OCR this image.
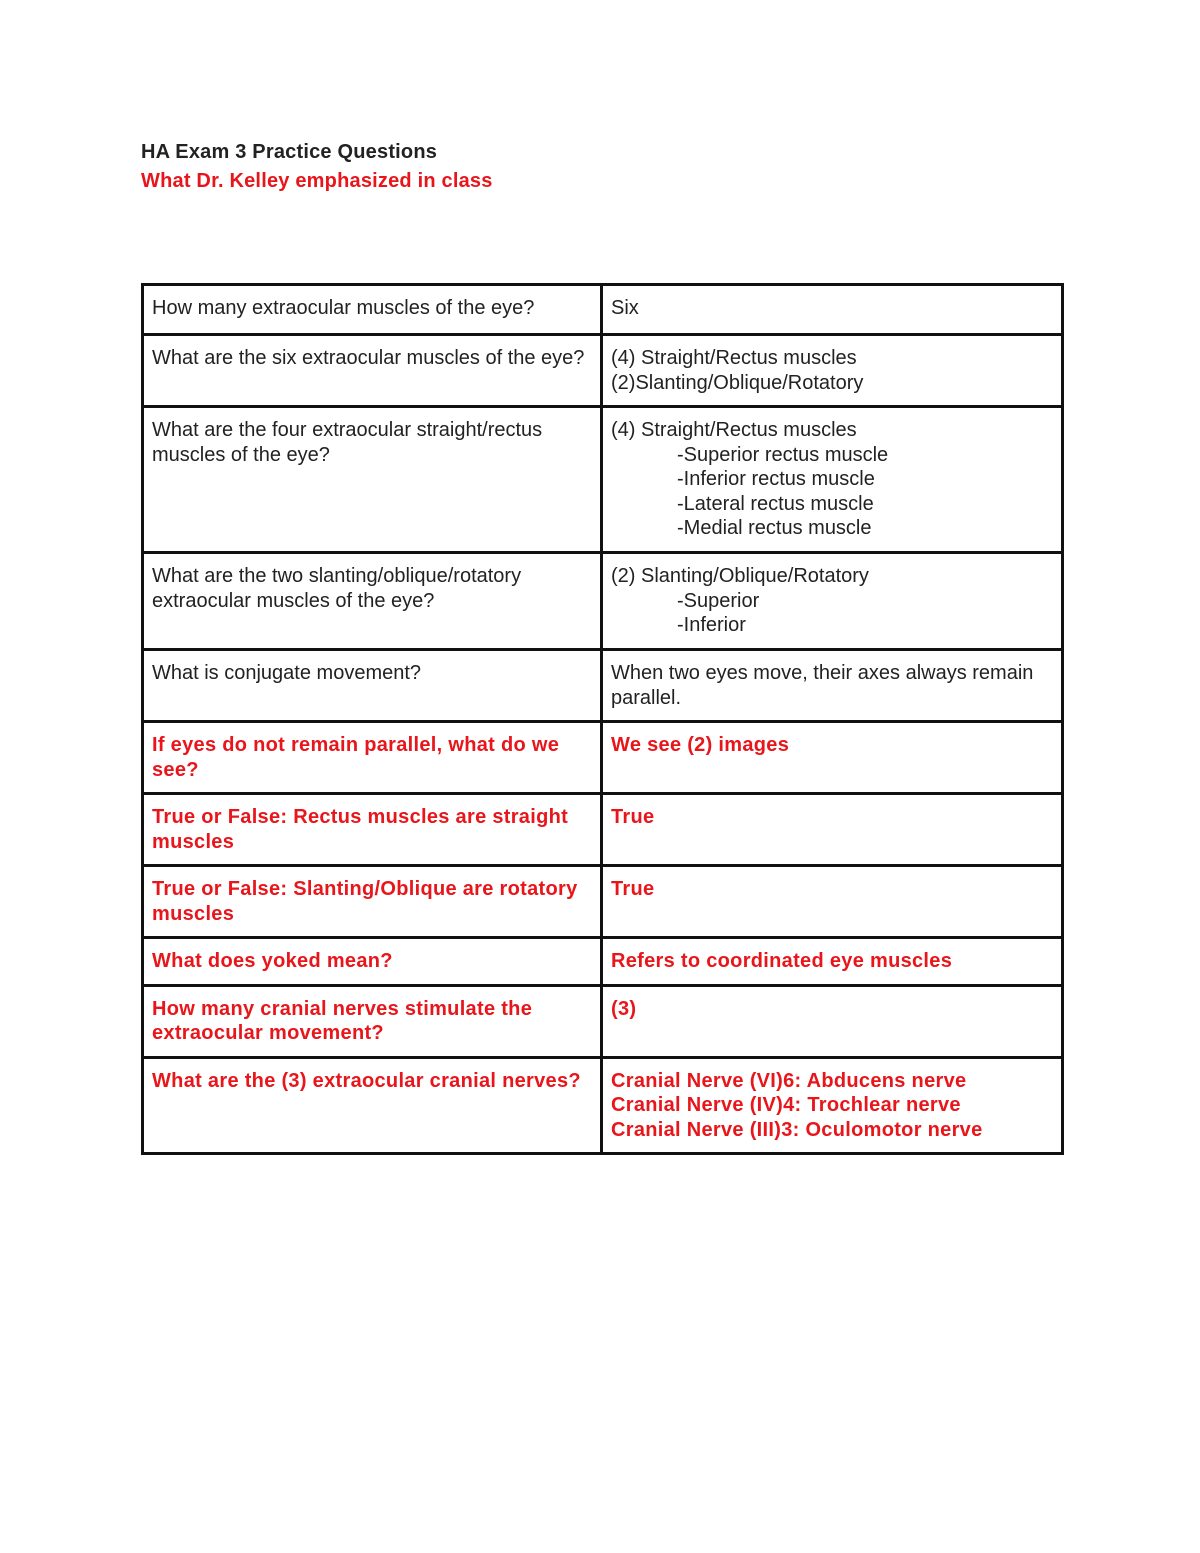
HA Exam 3 Practice Questions
What Dr. Kelley emphasized in class
How many extraocular muscles of the eye?	Six

What are the six extraocular muscles of the eye?	(4) Straight/Rectus muscles
(2)Slanting/Oblique/Rotatory

What are the four extraocular straight/rectus muscles of the eye?	(4) Straight/Rectus muscles
-Superior rectus muscle
-Inferior rectus muscle
-Lateral rectus muscle
-Medial rectus muscle

What are the two slanting/oblique/rotatory extraocular muscles of the eye?	(2) Slanting/Oblique/Rotatory
-Superior
-Inferior

What is conjugate movement?	When two eyes move, their axes always remain parallel.

If eyes do not remain parallel, what do we see?	We see (2) images

True or False: Rectus muscles are straight muscles	True

True or False: Slanting/Oblique are rotatory muscles	True

What does yoked mean?	Refers to coordinated eye muscles

How many cranial nerves stimulate the extraocular movement?	(3)

What are the (3) extraocular cranial nerves?	Cranial Nerve (VI)6: Abducens nerve
Cranial Nerve (IV)4: Trochlear nerve
Cranial Nerve (III)3: Oculomotor nerve
